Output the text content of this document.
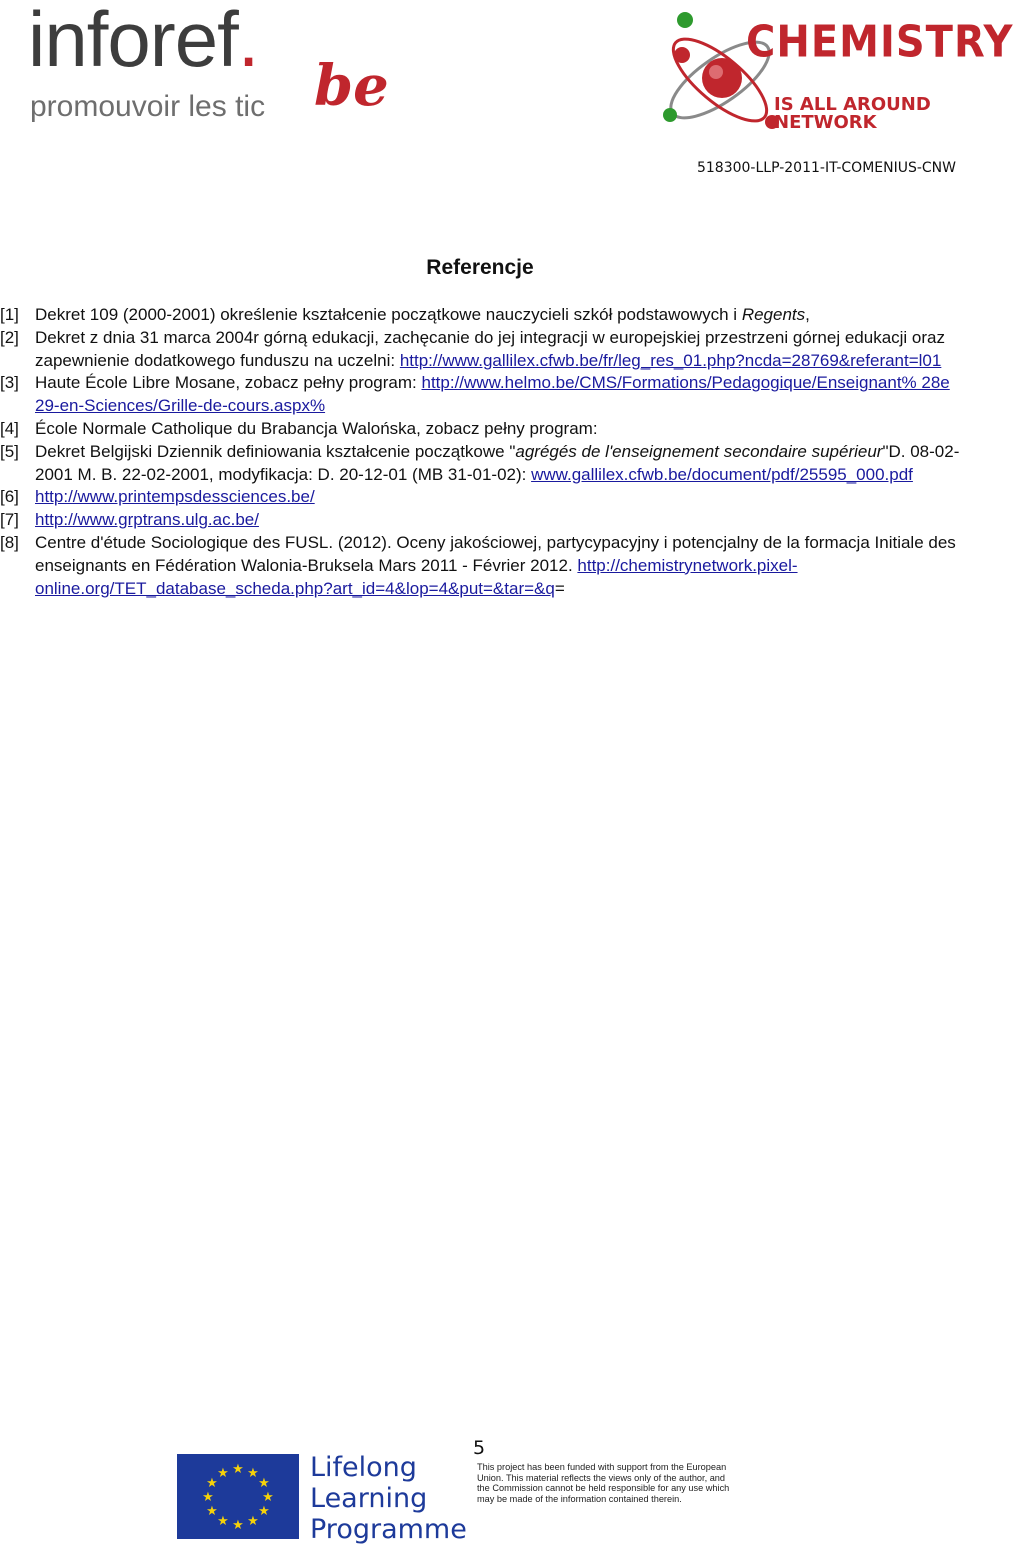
inforef.
promouvoir les tic be
CHEMISTRY
IS ALL AROUND NETWORK
518300-LLP-2011-IT-COMENIUS-CNW
Referencje
[1] Dekret 109 (2000-2001) określenie kształcenie początkowe nauczycieli szkół podstawowych i Regents,
[2] Dekret z dnia 31 marca 2004r górną edukacji, zachęcanie do jej integracji w europejskiej przestrzeni górnej edukacji oraz zapewnienie dodatkowego funduszu na uczelni: http://www.gallilex.cfwb.be/fr/leg_res_01.php?ncda=28769&referant=l01
[3] Haute École Libre Mosane, zobacz pełny program: http://www.helmo.be/CMS/Formations/Pedagogique/Enseignant% 28e 29-en-Sciences/Grille-de-cours.aspx%
[4] École Normale Catholique du Brabancja Walońska, zobacz pełny program:
[5] Dekret Belgijski Dziennik definiowania kształcenie początkowe "agrégés de l'enseignement secondaire supérieur"D. 08-02-2001 M. B. 22-02-2001, modyfikacja: D. 20-12-01 (MB 31-01-02): www.gallilex.cfwb.be/document/pdf/25595_000.pdf
[6] http://www.printempsdessciences.be/
[7] http://www.grptrans.ulg.ac.be/
[8] Centre d'étude Sociologique des FUSL. (2012). Oceny jakościowej, partycypacyjny i potencjalny de la formacja Initiale des enseignants en Fédération Walonia-Bruksela Mars 2011 - Février 2012. http://chemistrynetwork.pixel-online.org/TET_database_scheda.php?art_id=4&lop=4&put=&tar=&q=
5
★ ★
★
★
★
★
★
★
★
★
★
★	Lifelong
Learning
Programme
This project has been funded with support from the European Union. This material reflects the views only of the author, and the Commission cannot be held responsible for any use which may be made of the information contained therein.
